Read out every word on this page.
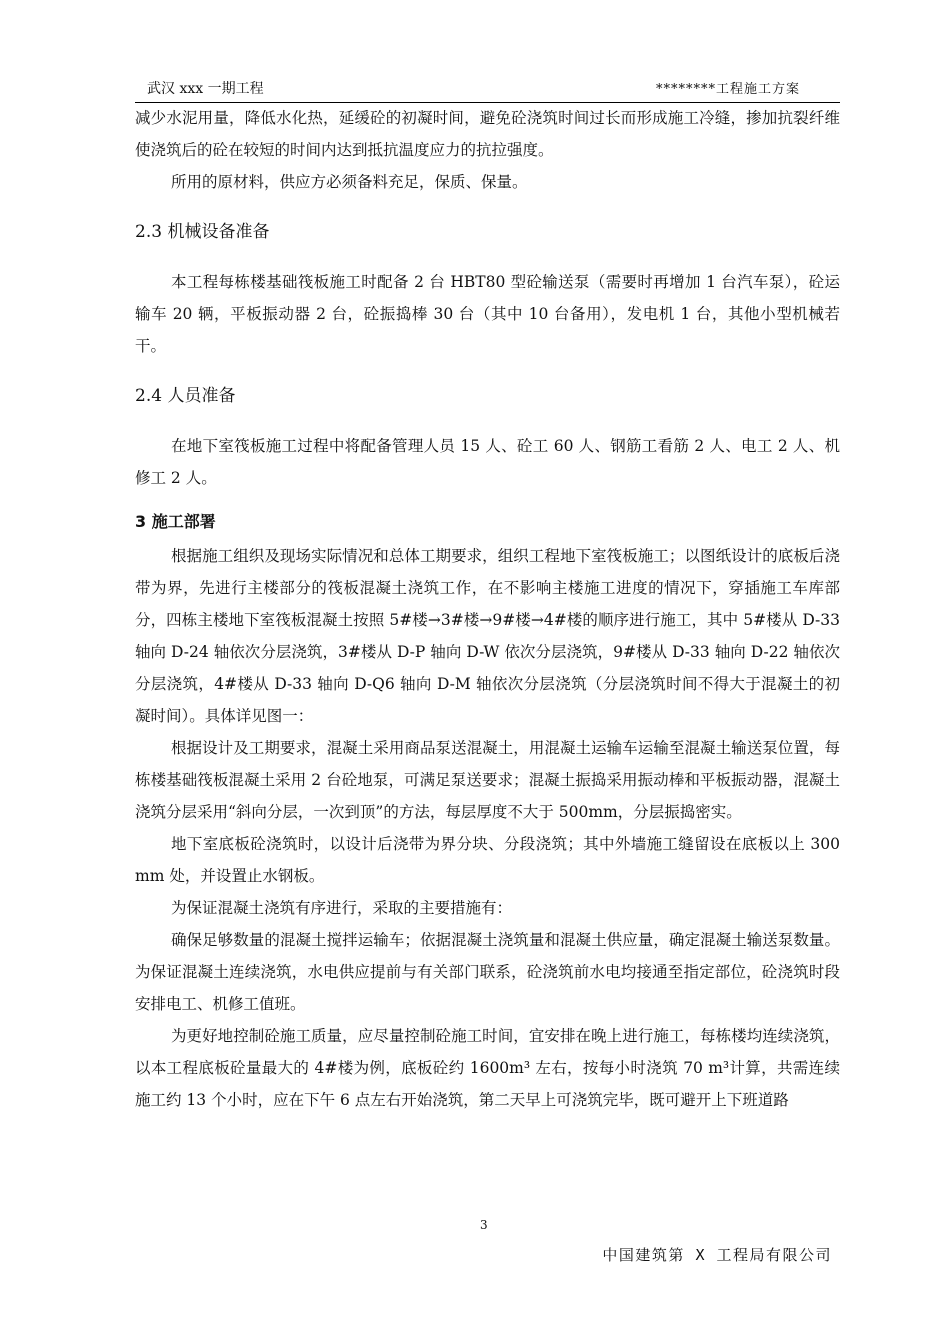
武汉 xxx 一期工程	********工程施工方案

减少水泥用量，降低水化热，延缓砼的初凝时间，避免砼浇筑时间过长而形成施工冷缝，掺加抗裂纤维使浇筑后的砼在较短的时间内达到抵抗温度应力的抗拉强度。

所用的原材料，供应方必须备料充足，保质、保量。

2.3 机械设备准备

本工程每栋楼基础筏板施工时配备 2 台 HBT80 型砼输送泵（需要时再增加 1 台汽车泵），砼运输车 20 辆，平板振动器 2 台，砼振捣棒 30 台（其中 10 台备用），发电机 1 台，其他小型机械若干。

2.4 人员准备

在地下室筏板施工过程中将配备管理人员 15 人、砼工 60 人、钢筋工看筋 2 人、电工 2 人、机修工 2 人。

3 施工部署

根据施工组织及现场实际情况和总体工期要求，组织工程地下室筏板施工；以图纸设计的底板后浇带为界，先进行主楼部分的筏板混凝土浇筑工作，在不影响主楼施工进度的情况下，穿插施工车库部分，四栋主楼地下室筏板混凝土按照 5#楼→3#楼→9#楼→4#楼的顺序进行施工，其中 5#楼从 D-33 轴向 D-24 轴依次分层浇筑，3#楼从 D-P 轴向 D-W 依次分层浇筑，9#楼从 D-33 轴向 D-22 轴依次分层浇筑，4#楼从 D-33 轴向 D-Q6 轴向 D-M 轴依次分层浇筑（分层浇筑时间不得大于混凝土的初凝时间）。具体详见图一：

根据设计及工期要求，混凝土采用商品泵送混凝土，用混凝土运输车运输至混凝土输送泵位置，每栋楼基础筏板混凝土采用 2 台砼地泵，可满足泵送要求；混凝土振捣采用振动棒和平板振动器，混凝土浇筑分层采用“斜向分层，一次到顶”的方法，每层厚度不大于 500mm，分层振捣密实。

地下室底板砼浇筑时，以设计后浇带为界分块、分段浇筑；其中外墙施工缝留设在底板以上 300mm 处，并设置止水钢板。

为保证混凝土浇筑有序进行，采取的主要措施有：

确保足够数量的混凝土搅拌运输车；依据混凝土浇筑量和混凝土供应量，确定混凝土输送泵数量。为保证混凝土连续浇筑，水电供应提前与有关部门联系，砼浇筑前水电均接通至指定部位，砼浇筑时段安排电工、机修工值班。

为更好地控制砼施工质量，应尽量控制砼施工时间，宜安排在晚上进行施工，每栋楼均连续浇筑，以本工程底板砼量最大的 4#楼为例，底板砼约 1600m³ 左右，按每小时浇筑 70 m³计算，共需连续施工约 13 个小时，应在下午 6 点左右开始浇筑，第二天早上可浇筑完毕，既可避开上下班道路

3
中国建筑第 X 工程局有限公司
